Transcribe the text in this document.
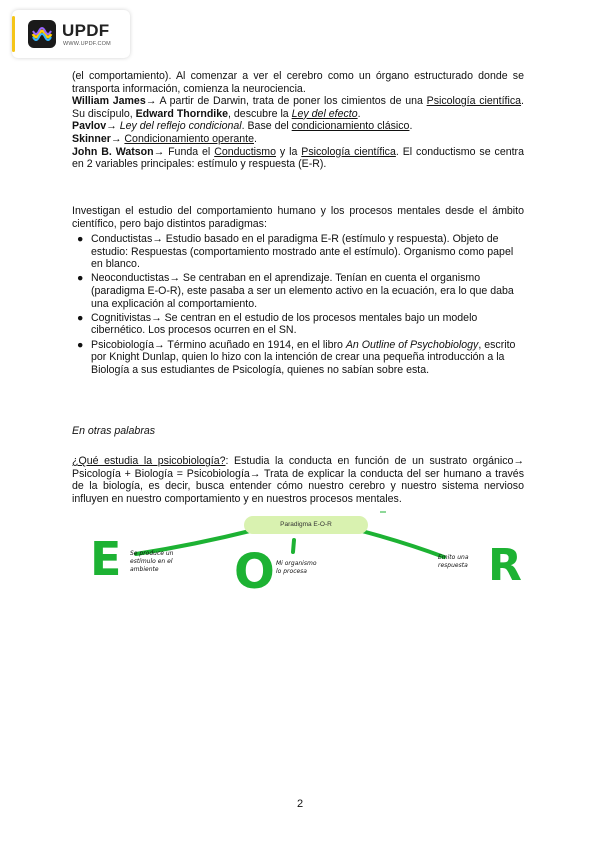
UPDF
WWW.UPDF.COM

(el comportamiento). Al comenzar a ver el cerebro como un órgano estructurado donde se transporta información, comienza la neurociencia.

William James→ A partir de Darwin, trata de poner los cimientos de una Psicología científica. Su discípulo, Edward Thorndike, descubre la Ley del efecto.

Pavlov→ Ley del reflejo condicional. Base del condicionamiento clásico.

Skinner→ Condicionamiento operante.

John B. Watson→ Funda el Conductismo y la Psicología científica. El conductismo se centra en 2 variables principales: estímulo y respuesta (E-R).

Investigan el estudio del comportamiento humano y los procesos mentales desde el ámbito científico, pero bajo distintos paradigmas:
● Conductistas→ Estudio basado en el paradigma E-R (estímulo y respuesta). Objeto de estudio: Respuestas (comportamiento mostrado ante el estímulo). Organismo como papel en blanco.
● Neoconductistas→ Se centraban en el aprendizaje. Tenían en cuenta el organismo (paradigma E-O-R), este pasaba a ser un elemento activo en la ecuación, era lo que daba una explicación al comportamiento.
● Cognitivistas→ Se centran en el estudio de los procesos mentales bajo un modelo cibernético. Los procesos ocurren en el SN.
● Psicobiología→ Término acuñado en 1914, en el libro An Outline of Psychobiology, escrito por Knight Dunlap, quien lo hizo con la intención de crear una pequeña introducción a la Biología a sus estudiantes de Psicología, quienes no sabían sobre esta.
En otras palabras
¿Qué estudia la psicobiología?: Estudia la conducta en función de un sustrato orgánico→ Psicología + Biología = Psicobiología→ Trata de explicar la conducta del ser humano a través de la biología, es decir, busca entender cómo nuestro cerebro y nuestro sistema nervioso influyen en nuestro comportamiento y en nuestros procesos mentales.
Paradigma E-O-R
E Se produce un
estímulo en el
ambiente	O Mi organismo
lo procesa
Emito una
respuesta R
2
